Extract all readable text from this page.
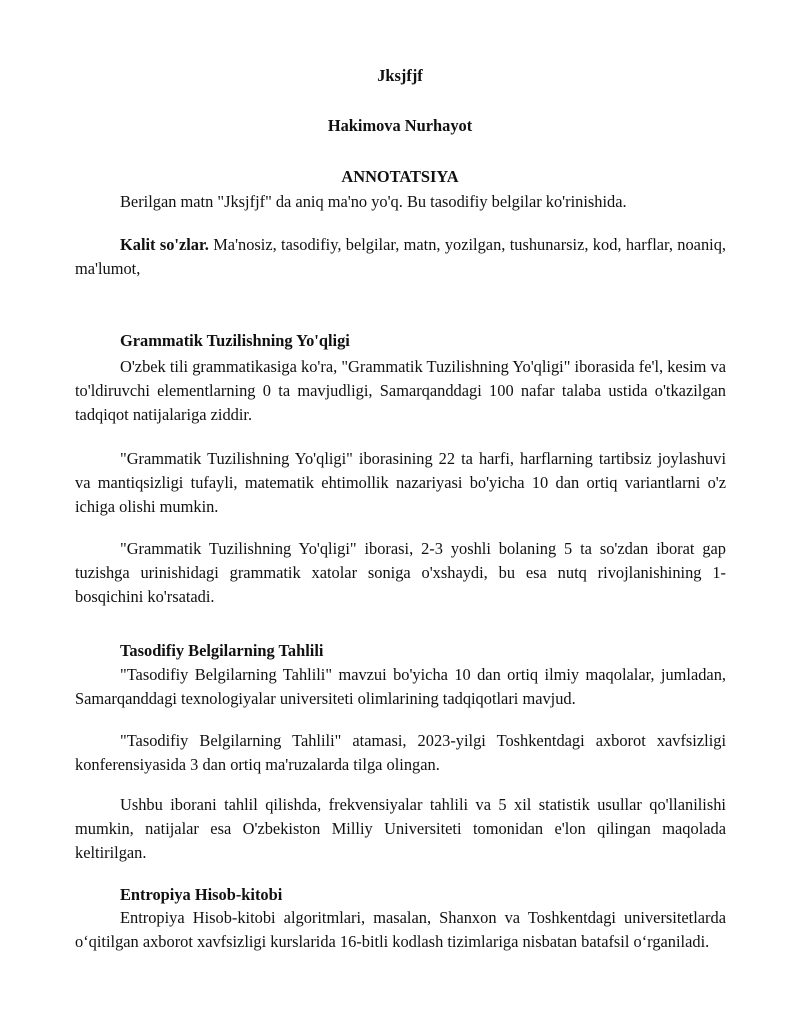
Jksjfjf

Hakimova Nurhayot

ANNOTATSIYA

Berilgan matn "Jksjfjf" da aniq ma'no yo'q. Bu tasodifiy belgilar ko'rinishida.

Kalit so'zlar. Ma'nosiz, tasodifiy, belgilar, matn, yozilgan, tushunarsiz, kod, harflar, noaniq, ma'lumot,

Grammatik Tuzilishning Yo'qligi

O'zbek tili grammatikasiga ko'ra, "Grammatik Tuzilishning Yo'qligi" iborasida fe'l, kesim va to'ldiruvchi elementlarning 0 ta mavjudligi, Samarqanddagi 100 nafar talaba ustida o'tkazilgan tadqiqot natijalariga ziddir.

"Grammatik Tuzilishning Yo'qligi" iborasining 22 ta harfi, harflarning tartibsiz joylashuvi va mantiqsizligi tufayli, matematik ehtimollik nazariyasi bo'yicha 10 dan ortiq variantlarni o'z ichiga olishi mumkin.

"Grammatik Tuzilishning Yo'qligi" iborasi, 2-3 yoshli bolaning 5 ta so'zdan iborat gap tuzishga urinishidagi grammatik xatolar soniga o'xshaydi, bu esa nutq rivojlanishining 1-bosqichini ko'rsatadi.

Tasodifiy Belgilarning Tahlili

"Tasodifiy Belgilarning Tahlili" mavzui bo'yicha 10 dan ortiq ilmiy maqolalar, jumladan, Samarqanddagi texnologiyalar universiteti olimlarining tadqiqotlari mavjud.

"Tasodifiy Belgilarning Tahlili" atamasi, 2023-yilgi Toshkentdagi axborot xavfsizligi konferensiyasida 3 dan ortiq ma'ruzalarda tilga olingan.

Ushbu iborani tahlil qilishda, frekvensiyalar tahlili va 5 xil statistik usullar qo'llanilishi mumkin, natijalar esa O'zbekiston Milliy Universiteti tomonidan e'lon qilingan maqolada keltirilgan.

Entropiya Hisob-kitobi

Entropiya Hisob-kitobi algoritmlari, masalan, Shanxon va Toshkentdagi universitetlarda o‘qitilgan axborot xavfsizligi kurslarida 16-bitli kodlash tizimlariga nisbatan batafsil o‘rganiladi.
